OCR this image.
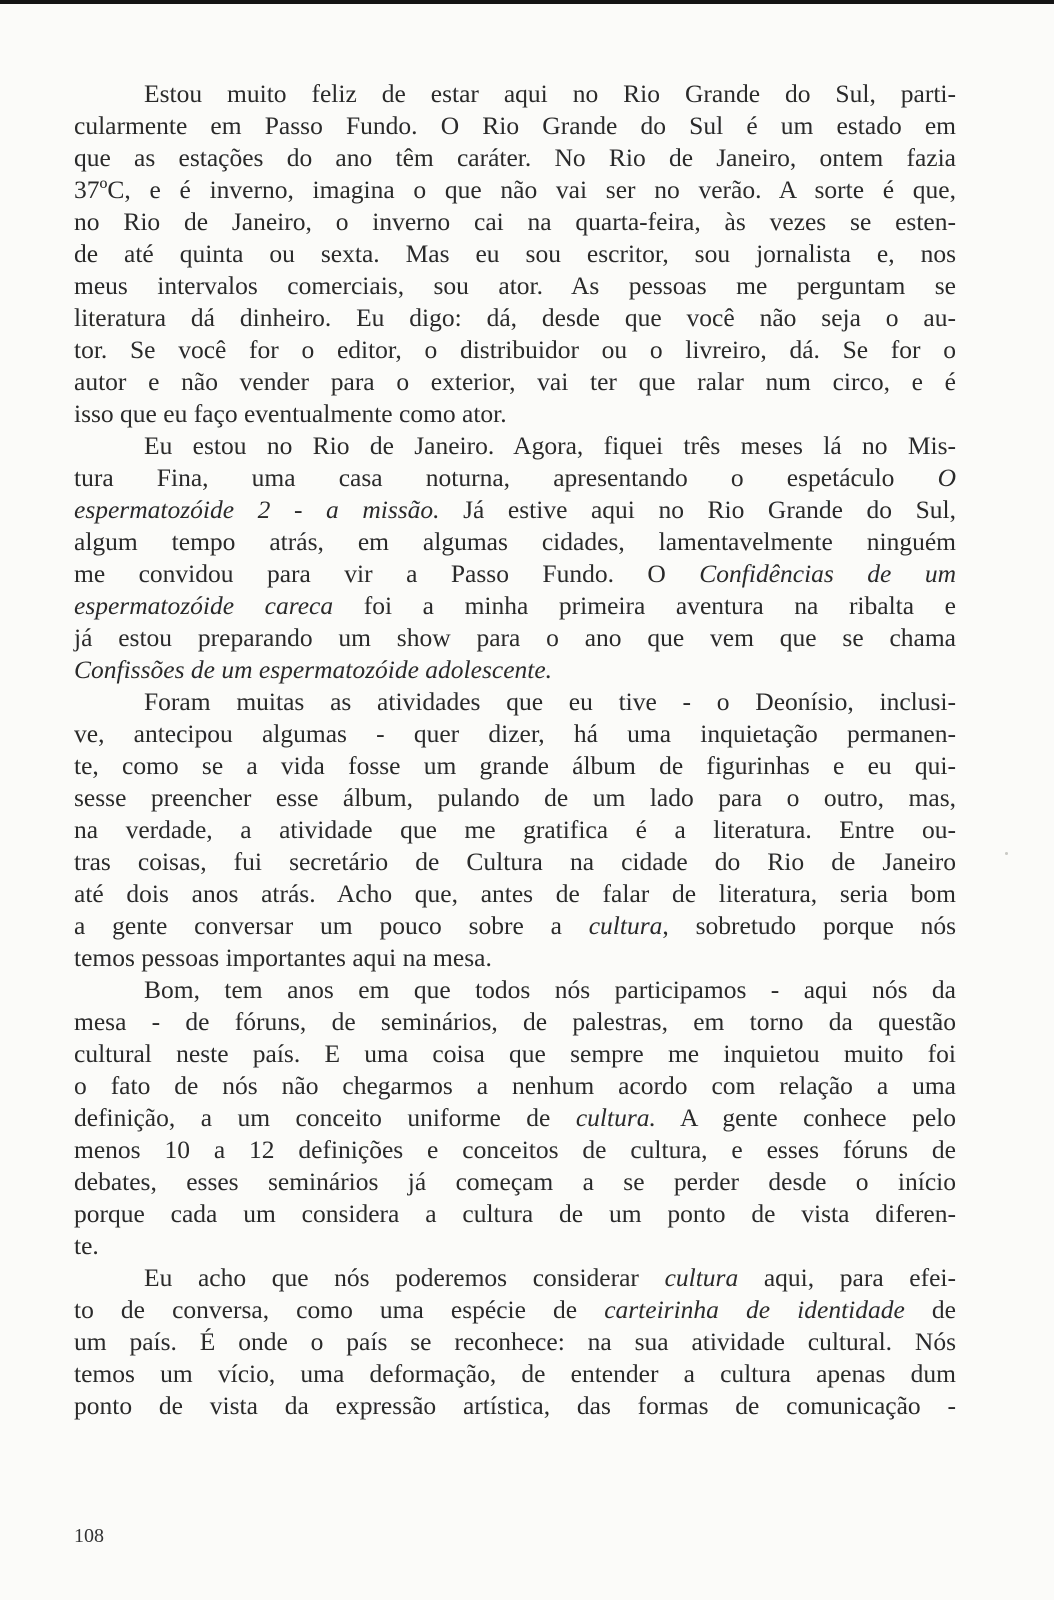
Estou muito feliz de estar aqui no Rio Grande do Sul, parti-
cularmente em Passo Fundo. O Rio Grande do Sul é um estado em
que as estações do ano têm caráter. No Rio de Janeiro, ontem fazia
37ºC, e é inverno, imagina o que não vai ser no verão. A sorte é que,
no Rio de Janeiro, o inverno cai na quarta-feira, às vezes se esten-
de até quinta ou sexta. Mas eu sou escritor, sou jornalista e, nos
meus intervalos comerciais, sou ator. As pessoas me perguntam se
literatura dá dinheiro. Eu digo: dá, desde que você não seja o au-
tor. Se você for o editor, o distribuidor ou o livreiro, dá. Se for o
autor e não vender para o exterior, vai ter que ralar num circo, e é
isso que eu faço eventualmente como ator.
Eu estou no Rio de Janeiro. Agora, fiquei três meses lá no Mis-
tura Fina, uma casa noturna, apresentando o espetáculo O
espermatozóide 2 - a missão. Já estive aqui no Rio Grande do Sul,
algum tempo atrás, em algumas cidades, lamentavelmente ninguém
me convidou para vir a Passo Fundo. O Confidências de um
espermatozóide careca foi a minha primeira aventura na ribalta e
já estou preparando um show para o ano que vem que se chama
Confissões de um espermatozóide adolescente.
Foram muitas as atividades que eu tive - o Deonísio, inclusi-
ve, antecipou algumas - quer dizer, há uma inquietação permanen-
te, como se a vida fosse um grande álbum de figurinhas e eu qui-
sesse preencher esse álbum, pulando de um lado para o outro, mas,
na verdade, a atividade que me gratifica é a literatura. Entre ou-
tras coisas, fui secretário de Cultura na cidade do Rio de Janeiro
até dois anos atrás. Acho que, antes de falar de literatura, seria bom
a gente conversar um pouco sobre a cultura, sobretudo porque nós
temos pessoas importantes aqui na mesa.
Bom, tem anos em que todos nós participamos - aqui nós da
mesa - de fóruns, de seminários, de palestras, em torno da questão
cultural neste país. E uma coisa que sempre me inquietou muito foi
o fato de nós não chegarmos a nenhum acordo com relação a uma
definição, a um conceito uniforme de cultura. A gente conhece pelo
menos 10 a 12 definições e conceitos de cultura, e esses fóruns de
debates, esses seminários já começam a se perder desde o início
porque cada um considera a cultura de um ponto de vista diferen-
te.
Eu acho que nós poderemos considerar cultura aqui, para efei-
to de conversa, como uma espécie de carteirinha de identidade de
um país. É onde o país se reconhece: na sua atividade cultural. Nós
temos um vício, uma deformação, de entender a cultura apenas dum
ponto de vista da expressão artística, das formas de comunicação -
108
